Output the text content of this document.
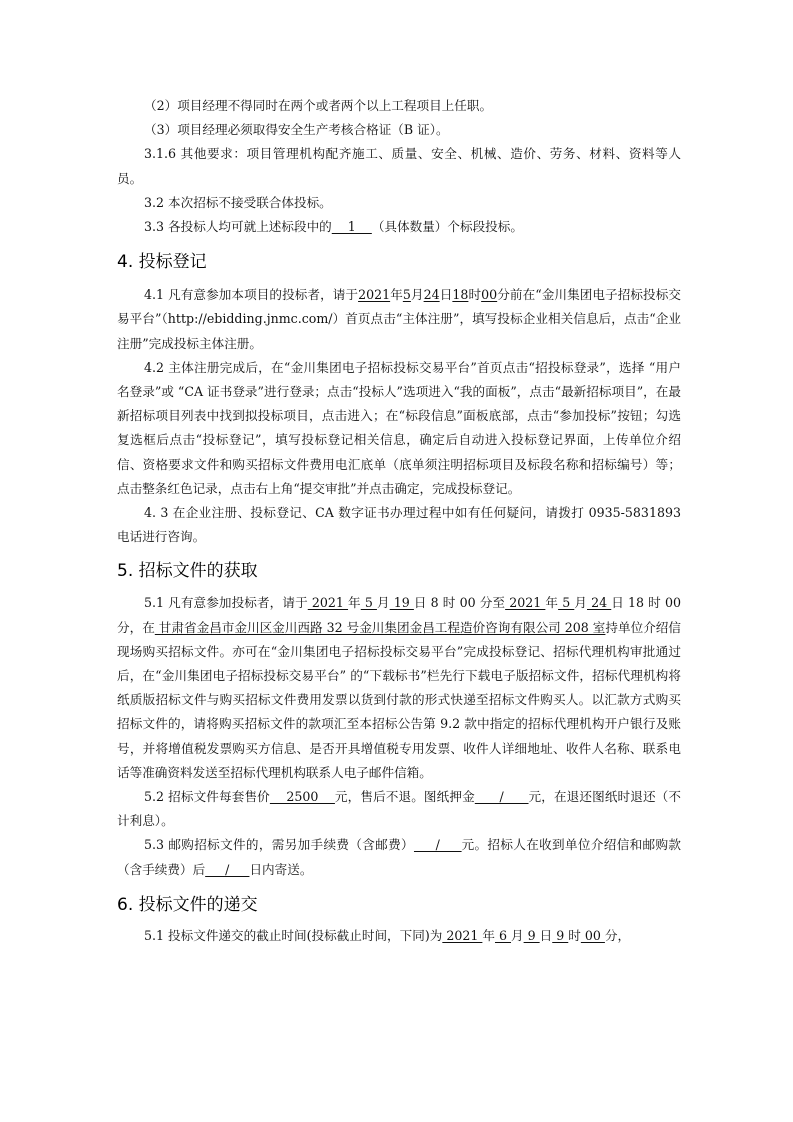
（2）项目经理不得同时在两个或者两个以上工程项目上任职。

（3）项目经理必须取得安全生产考核合格证（B 证）。

3.1.6 其他要求：项目管理机构配齐施工、质量、安全、机械、造价、劳务、材料、资料等人员。

3.2 本次招标不接受联合体投标。

3.3 各投标人均可就上述标段中的    1    （具体数量）个标段投标。

4. 投标登记

4.1 凡有意参加本项目的投标者，请于2021年5月24日18时00分前在“金川集团电子招标投标交易平台”（http://ebidding.jnmc.com/）首页点击“主体注册”，填写投标企业相关信息后，点击“企业注册”完成投标主体注册。

4.2 主体注册完成后，在“金川集团电子招标投标交易平台”首页点击“招投标登录”，选择 “用户名登录”或 “CA 证书登录”进行登录；点击“投标人”选项进入“我的面板”，点击“最新招标项目”，在最新招标项目列表中找到拟投标项目，点击进入；在“标段信息”面板底部，点击“参加投标”按钮；勾选复选框后点击“投标登记”，填写投标登记相关信息，确定后自动进入投标登记界面，上传单位介绍信、资格要求文件和购买招标文件费用电汇底单（底单须注明招标项目及标段名称和招标编号）等；点击整条红色记录，点击右上角“提交审批”并点击确定，完成投标登记。

4. 3 在企业注册、投标登记、CA 数字证书办理过程中如有任何疑问，请拨打 0935-5831893 电话进行咨询。

5. 招标文件的获取

5.1 凡有意参加投标者，请于 2021 年 5 月 19 日 8 时 00 分至 2021 年 5 月 24 日 18 时 00 分，在 甘肃省金昌市金川区金川西路 32 号金川集团金昌工程造价咨询有限公司 208 室持单位介绍信现场购买招标文件。亦可在“金川集团电子招标投标交易平台”完成投标登记、招标代理机构审批通过后，在“金川集团电子招标投标交易平台” 的“下载标书”栏先行下载电子版招标文件，招标代理机构将纸质版招标文件与购买招标文件费用发票以货到付款的形式快递至招标文件购买人。以汇款方式购买招标文件的，请将购买招标文件的款项汇至本招标公告第 9.2 款中指定的招标代理机构开户银行及账号，并将增值税发票购买方信息、是否开具增值税专用发票、收件人详细地址、收件人名称、联系电话等准确资料发送至招标代理机构联系人电子邮件信箱。

5.2 招标文件每套售价    2500    元，售后不退。图纸押金      /      元，在退还图纸时退还（不计利息）。

5.3 邮购招标文件的，需另加手续费（含邮费）     /     元。招标人在收到单位介绍信和邮购款（含手续费）后     /     日内寄送。

6. 投标文件的递交

5.1 投标文件递交的截止时间(投标截止时间，下同)为 2021 年 6 月 9 日 9 时 00 分，
